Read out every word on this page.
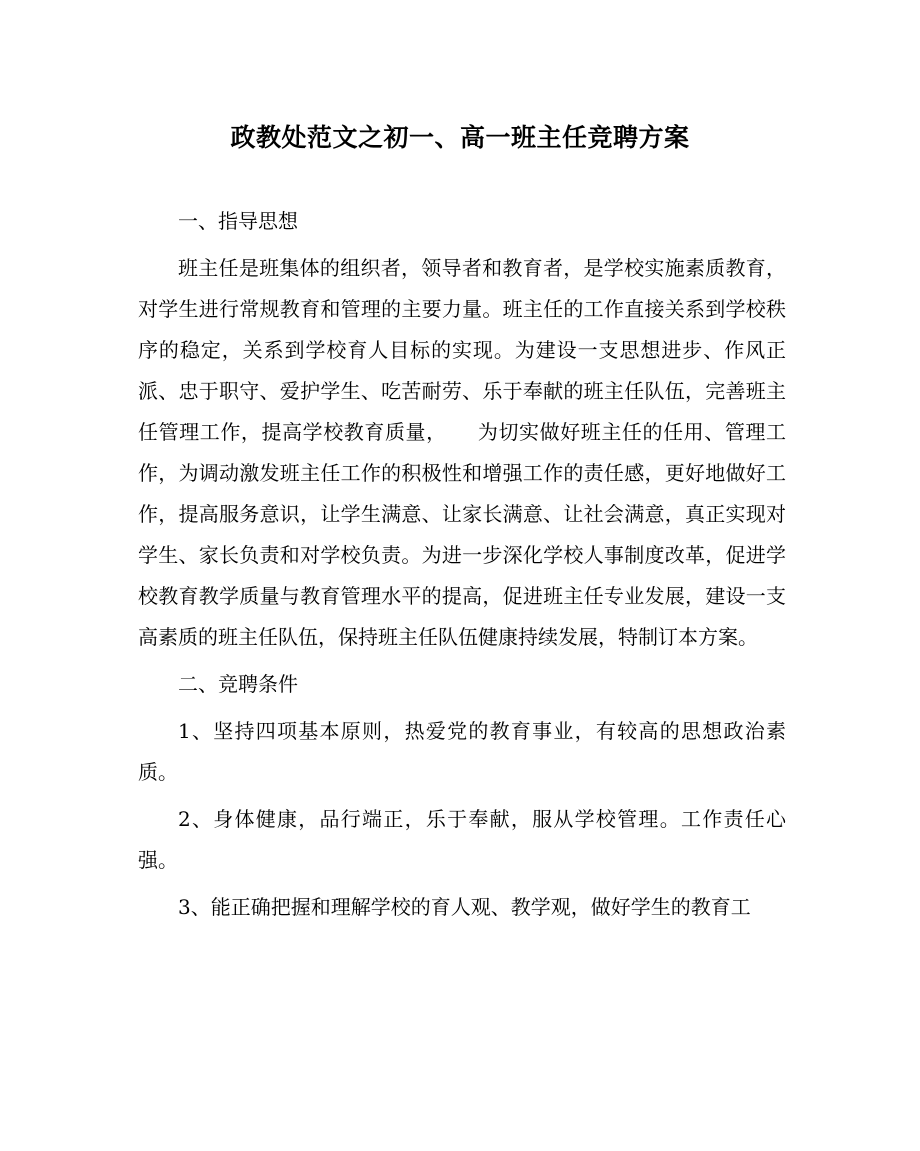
政教处范文之初一、高一班主任竞聘方案

一、指导思想

班主任是班集体的组织者，领导者和教育者，是学校实施素质教育，对学生进行常规教育和管理的主要力量。班主任的工作直接关系到学校秩序的稳定，关系到学校育人目标的实现。为建设一支思想进步、作风正派、忠于职守、爱护学生、吃苦耐劳、乐于奉献的班主任队伍，完善班主任管理工作，提高学校教育质量，　　为切实做好班主任的任用、管理工作，为调动激发班主任工作的积极性和增强工作的责任感，更好地做好工作，提高服务意识，让学生满意、让家长满意、让社会满意，真正实现对学生、家长负责和对学校负责。为进一步深化学校人事制度改革，促进学校教育教学质量与教育管理水平的提高，促进班主任专业发展，建设一支高素质的班主任队伍，保持班主任队伍健康持续发展，特制订本方案。

二、竞聘条件

1、坚持四项基本原则，热爱党的教育事业，有较高的思想政治素质。

2、身体健康，品行端正，乐于奉献，服从学校管理。工作责任心强。

3、能正确把握和理解学校的育人观、教学观，做好学生的教育工
